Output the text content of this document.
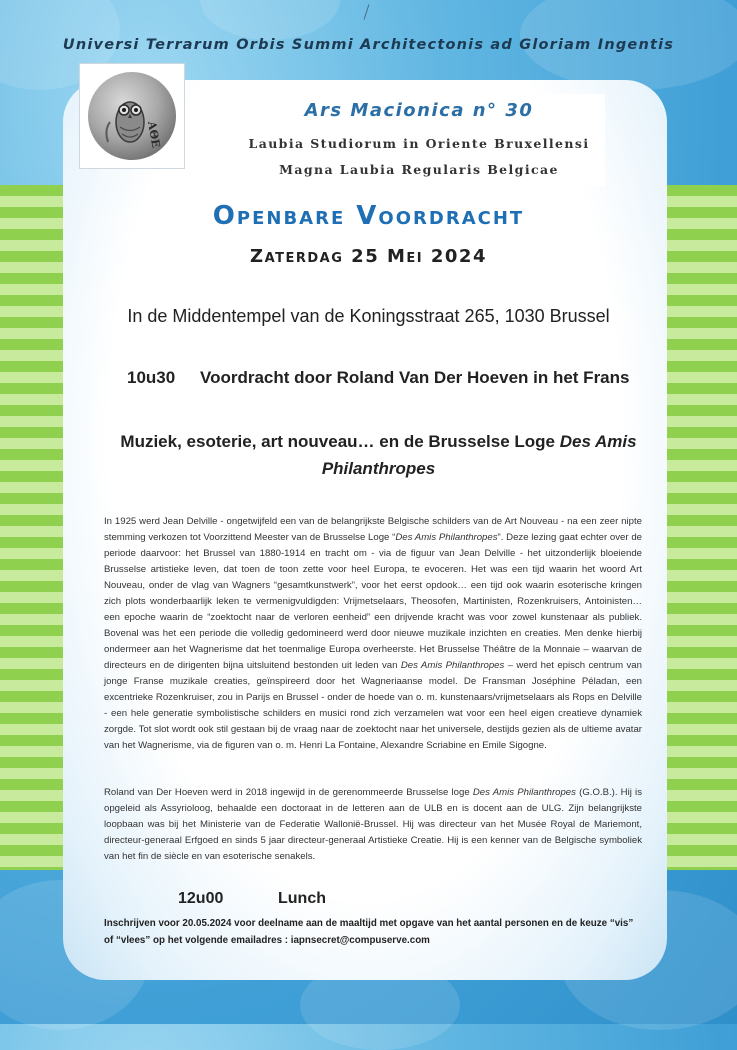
Universi Terrarum Orbis Summi Architectonis ad Gloriam Ingentis
AΘE
Ars Macionica n° 30
Laubia Studiorum in Oriente Bruxellensi
Magna Laubia Regularis Belgicae
Openbare Voordracht
Zaterdag 25 Mei 2024
In de Middentempel van de Koningsstraat 265, 1030 Brussel
10u30 Voordracht door Roland Van Der Hoeven in het Frans
Muziek, esoterie, art nouveau… en de Brusselse Loge Des Amis Philanthropes
In 1925 werd Jean Delville - ongetwijfeld een van de belangrijkste Belgische schilders van de Art Nouveau - na een zeer nipte stemming verkozen tot Voorzittend Meester van de Brusselse Loge “Des Amis Philanthropes”. Deze lezing gaat echter over de periode daarvoor: het Brussel van 1880-1914 en tracht om - via de figuur van Jean Delville - het uitzonderlijk bloeiende Brusselse artistieke leven, dat toen de toon zette voor heel Europa, te evoceren. Het was een tijd waarin het woord Art Nouveau, onder de vlag van Wagners “gesamtkunstwerk”, voor het eerst opdook… een tijd ook waarin esoterische kringen zich plots wonderbaarlijk leken te vermenigvuldigden: Vrijmetselaars, Theosofen, Martinisten, Rozenkruisers, Antoinisten… een epoche waarin de “zoektocht naar de verloren eenheid” een drijvende kracht was voor zowel kunstenaar als publiek. Bovenal was het een periode die volledig gedomineerd werd door nieuwe muzikale inzichten en creaties. Men denke hierbij ondermeer aan het Wagnerisme dat het toenmalige Europa overheerste. Het Brusselse Théâtre de la Monnaie – waarvan de directeurs en de dirigenten bijna uitsluitend bestonden uit leden van Des Amis Philanthropes – werd het episch centrum van jonge Franse muzikale creaties, geïnspireerd door het Wagneriaanse model. De Fransman Joséphine Péladan, een excentrieke Rozenkruiser, zou in Parijs en Brussel - onder de hoede van o. m. kunstenaars/vrijmetselaars als Rops en Delville - een hele generatie symbolistische schilders en musici rond zich verzamelen wat voor een heel eigen creatieve dynamiek zorgde. Tot slot wordt ook stil gestaan bij de vraag naar de zoektocht naar het universele, destijds gezien als de ultieme avatar van het Wagnerisme, via de figuren van o. m. Henri La Fontaine, Alexandre Scriabine en Emile Sigogne.
Roland van Der Hoeven werd in 2018 ingewijd in de gerenommeerde Brusselse loge Des Amis Philanthropes (G.O.B.). Hij is opgeleid als Assyrioloog, behaalde een doctoraat in de letteren aan de ULB en is docent aan de ULG. Zijn belangrijkste loopbaan was bij het Ministerie van de Federatie Wallonië-Brussel. Hij was directeur van het Musée Royal de Mariemont, directeur-generaal Erfgoed en sinds 5 jaar directeur-generaal Artistieke Creatie. Hij is een kenner van de Belgische symboliek van het fin de siècle en van esoterische senakels.
12u00	Lunch
Inschrijven voor 20.05.2024 voor deelname aan de maaltijd met opgave van het aantal personen en de keuze “vis” of “vlees” op het volgende emailadres : iapnsecret@compuserve.com
